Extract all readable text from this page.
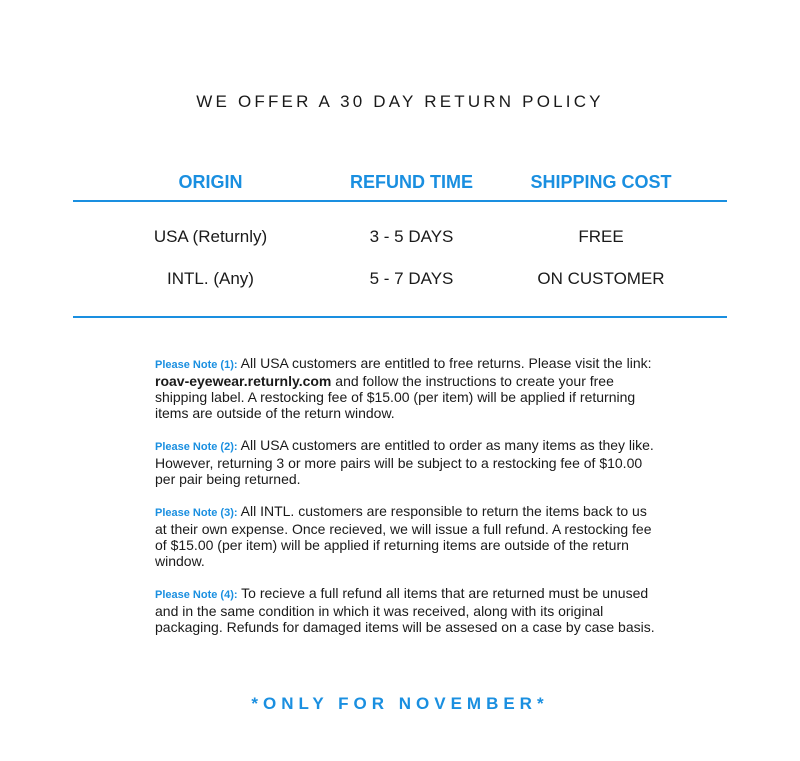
WE OFFER A 30 DAY RETURN POLICY
ORIGIN	REFUND TIME	SHIPPING COST
USA (Returnly)	3 - 5 DAYS	FREE
INTL. (Any)	5 - 7 DAYS	ON CUSTOMER

Please Note (1): All USA customers are entitled to free returns. Please visit the link: roav-eyewear.returnly.com and follow the instructions to create your free shipping label. A restocking fee of $15.00 (per item) will be applied if returning items are outside of the return window.

Please Note (2): All USA customers are entitled to order as many items as they like. However, returning 3 or more pairs will be subject to a restocking fee of $10.00 per pair being returned.

Please Note (3): All INTL. customers are responsible to return the items back to us at their own expense. Once recieved, we will issue a full refund. A restocking fee of $15.00 (per item) will be applied if returning items are outside of the return window.

Please Note (4): To recieve a full refund all items that are returned must be unused and in the same condition in which it was received, along with its original packaging. Refunds for damaged items will be assesed on a case by case basis.

*ONLY FOR NOVEMBER*
